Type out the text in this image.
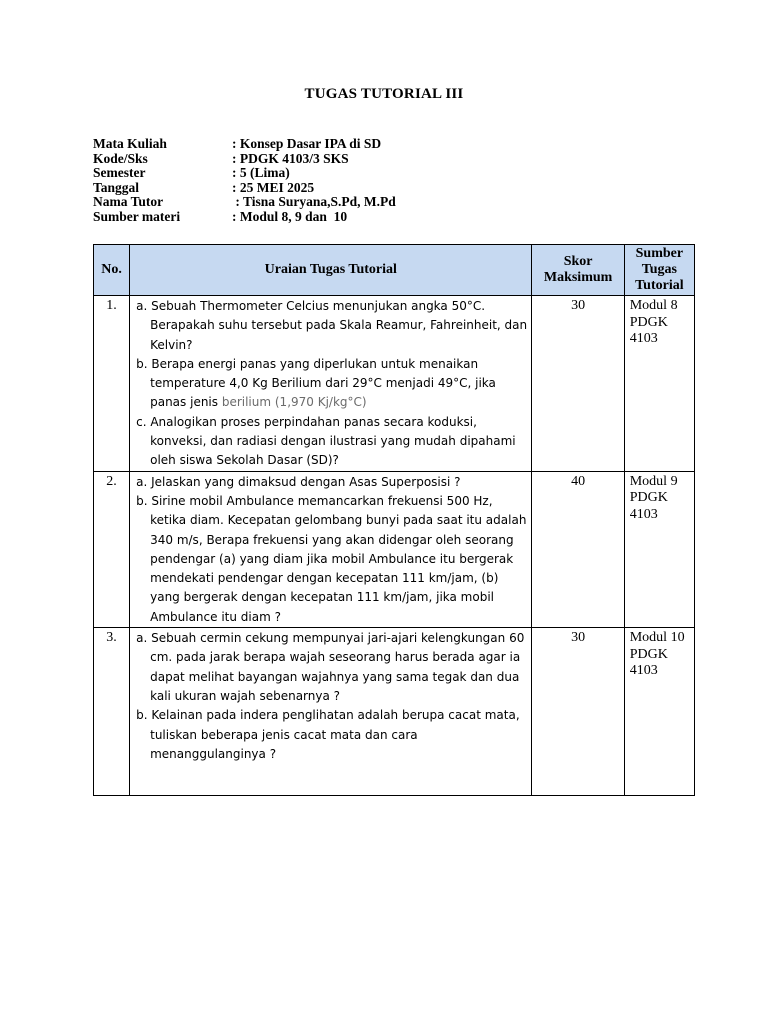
TUGAS TUTORIAL III
Mata Kuliah	: Konsep Dasar IPA di SD
Kode/Sks	: PDGK 4103/3 SKS
Semester	: 5 (Lima)
Tanggal	: 25 MEI 2025
Nama Tutor	: Tisna Suryana,S.Pd, M.Pd
Sumber materi	: Modul 8, 9 dan  10
No.	Uraian Tugas Tutorial	Skor Maksimum	Sumber Tugas Tutorial
1.	a. Sebuah Thermometer Celcius menunjukan angka 50°C. Berapakah suhu tersebut pada Skala Reamur, Fahreinheit, dan Kelvin?
b. Berapa energi panas yang diperlukan untuk menaikan temperature 4,0 Kg Berilium dari 29°C menjadi 49°C, jika panas jenis berilium (1,970 Kj/kg°C)
c. Analogikan proses perpindahan panas secara koduksi, konveksi, dan radiasi dengan ilustrasi yang mudah dipahami oleh siswa Sekolah Dasar (SD)?	30	Modul 8 PDGK 4103
2.	a. Jelaskan yang dimaksud dengan Asas Superposisi ?
b. Sirine mobil Ambulance memancarkan frekuensi 500 Hz, ketika diam. Kecepatan gelombang bunyi pada saat itu adalah 340 m/s, Berapa frekuensi yang akan didengar oleh seorang pendengar (a) yang diam jika mobil Ambulance itu bergerak mendekati pendengar dengan kecepatan 111 km/jam, (b) yang bergerak dengan kecepatan 111 km/jam, jika mobil Ambulance itu diam ?	40	Modul 9 PDGK 4103
3.	a. Sebuah cermin cekung mempunyai jari-ajari kelengkungan 60 cm. pada jarak berapa wajah seseorang harus berada agar ia dapat melihat bayangan wajahnya yang sama tegak dan dua kali ukuran wajah sebenarnya ?
b. Kelainan pada indera penglihatan adalah berupa cacat mata, tuliskan beberapa jenis cacat mata dan cara menanggulanginya ?	30	Modul 10 PDGK 4103
